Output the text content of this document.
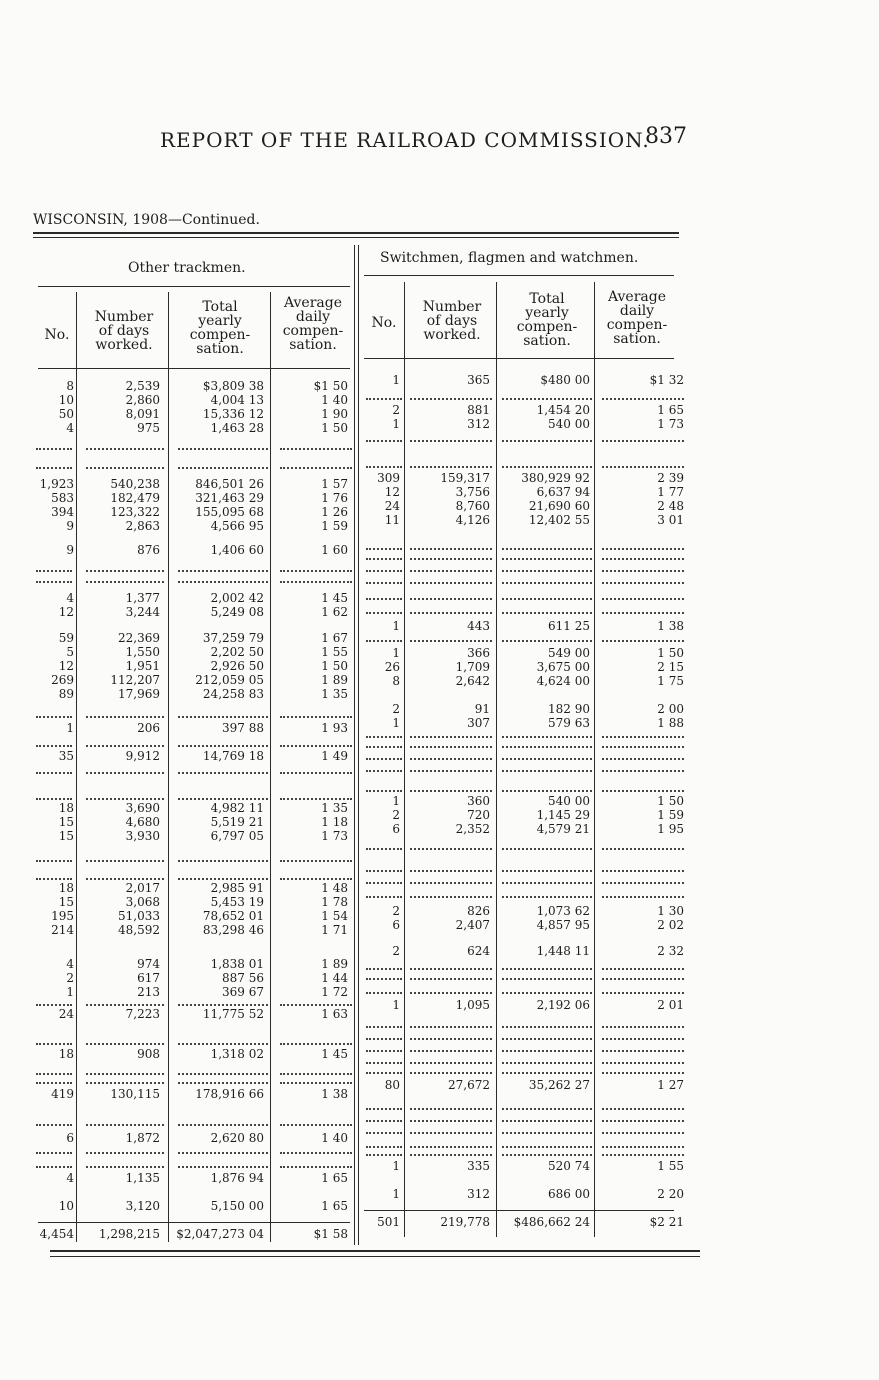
REPORT OF THE RAILROAD COMMISSION.
837
WISCONSIN, 1908—Continued.
Other trackmen.
Switchmen, flagmen and watchmen.
No.
Number
of days
worked.
Total
yearly
compen-
sation.
Average
daily
compen-
sation.
No.
Number
of days
worked.
Total
yearly
compen-
sation.
Average
daily
compen-
sation.
8
10
50
4
1,923
583
394
9
9
4
12
59
5
12
269
89
1
35
18
15
15
18
15
195
214
4
2
1
24
18
419
6
4
10
1
2
1
309
12
24
11
1
1
26
8
2
1
1
2
6
2
6
2
1
80
1
1
4,454
501
2,539
2,860
8,091
975
540,238
182,479
123,322
2,863
876
1,377
3,244
22,369
1,550
1,951
112,207
17,969
206
9,912
3,690
4,680
3,930
2,017
3,068
51,033
48,592
974
617
213
7,223
908
130,115
1,872
1,135
3,120
365
881
312
159,317
3,756
8,760
4,126
443
366
1,709
2,642
91
307
360
720
2,352
826
2,407
624
1,095
27,672
335
312
1,298,215
219,778
$3,809 38
4,004 13
15,336 12
1,463 28
846,501 26
321,463 29
155,095 68
4,566 95
1,406 60
2,002 42
5,249 08
37,259 79
2,202 50
2,926 50
212,059 05
24,258 83
397 88
14,769 18
4,982 11
5,519 21
6,797 05
2,985 91
5,453 19
78,652 01
83,298 46
1,838 01
887 56
369 67
11,775 52
1,318 02
178,916 66
2,620 80
1,876 94
5,150 00
$480 00
1,454 20
540 00
380,929 92
6,637 94
21,690 60
12,402 55
611 25
549 00
3,675 00
4,624 00
182 90
579 63
540 00
1,145 29
4,579 21
1,073 62
4,857 95
1,448 11
2,192 06
35,262 27
520 74
686 00
$2,047,273 04
$486,662 24
$1 50
1 40
1 90
1 50
1 57
1 76
1 26
1 59
1 60
1 45
1 62
1 67
1 55
1 50
1 89
1 35
1 93
1 49
1 35
1 18
1 73
1 48
1 78
1 54
1 71
1 89
1 44
1 72
1 63
1 45
1 38
1 40
1 65
1 65
$1 32
1 65
1 73
2 39
1 77
2 48
3 01
1 38
1 50
2 15
1 75
2 00
1 88
1 50
1 59
1 95
1 30
2 02
2 32
2 01
1 27
1 55
2 20
$1 58
$2 21
